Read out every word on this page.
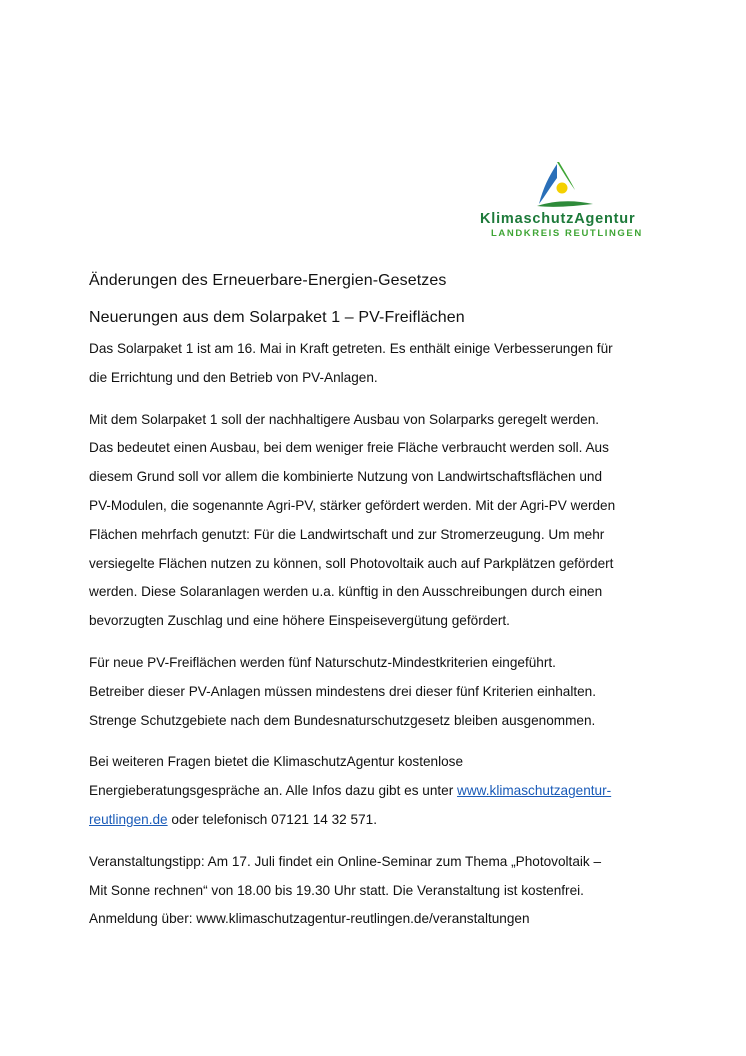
KlimaschutzAgentur
LANDKREIS REUTLINGEN
Änderungen des Erneuerbare-Energien-Gesetzes
Neuerungen aus dem Solarpaket 1 – PV-Freiflächen

Das Solarpaket 1 ist am 16. Mai in Kraft getreten. Es enthält einige Verbesserungen für
die Errichtung und den Betrieb von PV-Anlagen.

Mit dem Solarpaket 1 soll der nachhaltigere Ausbau von Solarparks geregelt werden.
Das bedeutet einen Ausbau, bei dem weniger freie Fläche verbraucht werden soll. Aus
diesem Grund soll vor allem die kombinierte Nutzung von Landwirtschaftsflächen und
PV-Modulen, die sogenannte Agri-PV, stärker gefördert werden. Mit der Agri-PV werden
Flächen mehrfach genutzt: Für die Landwirtschaft und zur Stromerzeugung. Um mehr
versiegelte Flächen nutzen zu können, soll Photovoltaik auch auf Parkplätzen gefördert
werden. Diese Solaranlagen werden u.a. künftig in den Ausschreibungen durch einen
bevorzugten Zuschlag und eine höhere Einspeisevergütung gefördert.

Für neue PV-Freiflächen werden fünf Naturschutz-Mindestkriterien eingeführt.
Betreiber dieser PV-Anlagen müssen mindestens drei dieser fünf Kriterien einhalten.
Strenge Schutzgebiete nach dem Bundesnaturschutzgesetz bleiben ausgenommen.

Bei weiteren Fragen bietet die KlimaschutzAgentur kostenlose
Energieberatungsgespräche an. Alle Infos dazu gibt es unter www.klimaschutzagentur-
reutlingen.de oder telefonisch 07121 14 32 571.

Veranstaltungstipp: Am 17. Juli findet ein Online-Seminar zum Thema „Photovoltaik –
Mit Sonne rechnen“ von 18.00 bis 19.30 Uhr statt. Die Veranstaltung ist kostenfrei.
Anmeldung über: www.klimaschutzagentur-reutlingen.de/veranstaltungen
